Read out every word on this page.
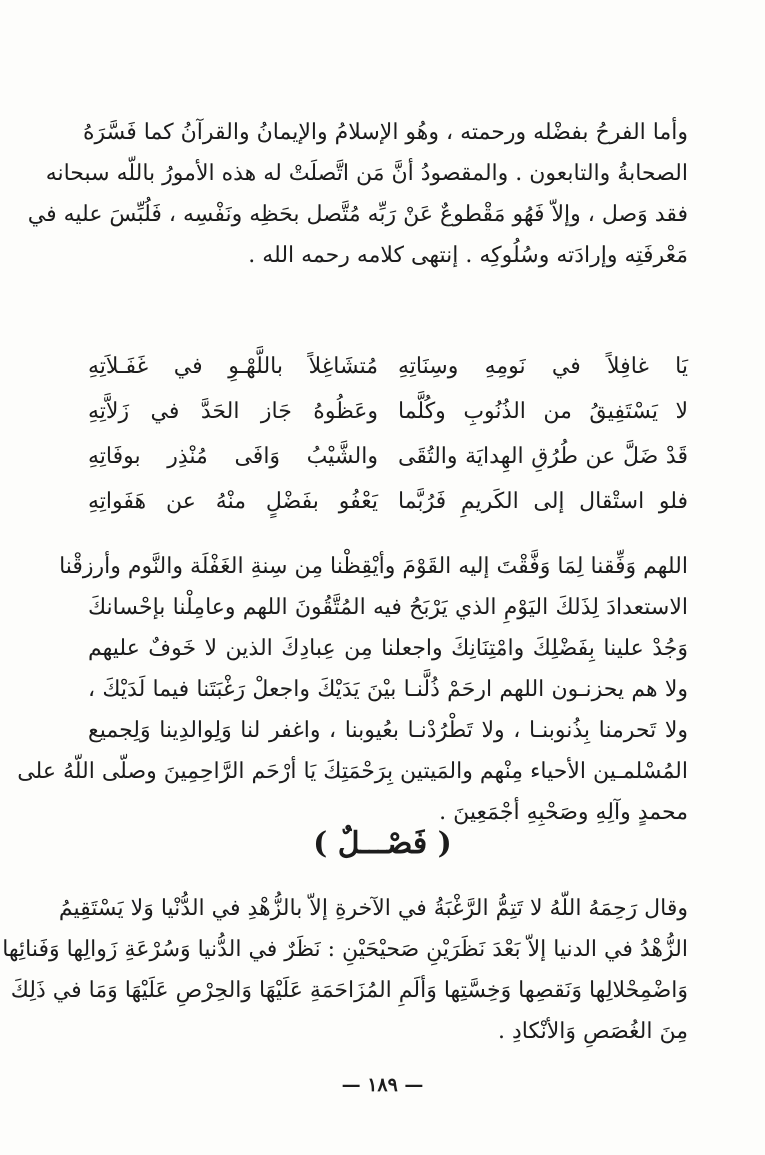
وأما الفرحُ بفضْله ورحمته ، وهُو الإسلامُ والإيمانُ والقرآنُ كما فَسَّرَهُ
الصحابةُ والتابعون . والمقصودُ أنَّ مَن اتَّصلَتْ له هذه الأمورُ باللّه سبحانه
فقد وَصل ، وإلاّ فَهُو مَقْطوعٌ عَنْ رَبِّه مُتَّصل بحَظِه ونَفْسِه ، فَلُبِّسَ عليه في
مَعْرفَتِه وإرادَته وسُلُوكِه . إنتهى كلامه رحمه الله .
يَا غافِلاً في نَومِهِ وسِنَاتِهِ
مُتشَاغِلاً باللَّهْـوِ في غَفَـلاَتِهِ
لا يَسْتَفِيقُ من الذُنُوبِ وكُلَّما
وعَظُوهُ جَاز الحَدَّ في زَلاَّتِهِ
قَدْ ضَلَّ عن طُرُقِ الهِدايَة والتُقَى
والشَّيْبُ وَافَى مُنْذِر بوفَاتِهِ
فلو استْقال إلى الكَريمِ فَرُبَّما
يَعْفُو بفَضْلٍ منْهُ عن هَفَواتِهِ
اللهم وَفِّقنا لِمَا وَفَّقْتَ إليه القَوْمَ وأيْقِظْنا مِن سِنةِ الغَفْلَة والنَّوم وأرزقْنا
الاستعدادَ لِذَلكَ اليَوْمِ الذي يَرْبَحُ فيه المُتَّقُونَ اللهم وعامِلْنا بإحْسانكَ
وَجُدْ علينا بِفَضْلِكَ وامْتِنَانِكَ واجعلنا مِن عِبادِكَ الذين لا خَوفٌ عليهم
ولا هم يحزنـون اللهم ارحَمْ ذُلَّنـا بيْنَ يَدَيْكَ واجعلْ رَغْبَتَنا فيما لَدَيْكَ ،
ولا تَحرمنا بِذُنوبنـا ، ولا تَطْرُدْنـا بعُيوبنا ، واغفر لنا وَلِوالدِينا وَلِجميع
المُسْلمـين الأحياء مِنْهم والمَيتين بِرَحْمَتِكَ يَا أرْحَم الرَّاحِمِينَ وصلّى اللّهُ على
محمدٍ وآلِهِ وصَحْبِهِ أجْمَعِينَ .
( فَصْـــلٌ )
وقال رَحِمَهُ اللّهُ لا تَتِمُّ الرَّغْبَةُ في الآخرةِ إلاّ بالزُّهْدِ في الدُّنْيا وَلا يَسْتَقِيمُ
الزُّهْدُ في الدنيا إلاّ بَعْدَ نَظَرَيْنِ صَحيْحَيْنِ : نَظَرٌ في الدُّنيا وَسُرْعَةِ زَوالِها وَفَنائِها
وَاضْمِحْلالِها وَنَقصِها وَخِسَّتِها وَألَمِ المُزَاحَمَةِ عَلَيْهَا وَالحِرْصِ عَلَيْهَا وَمَا في ذَلِكَ
مِنَ الغُصَصِ وَالأنْكادِ .
— ١٨٩ —
